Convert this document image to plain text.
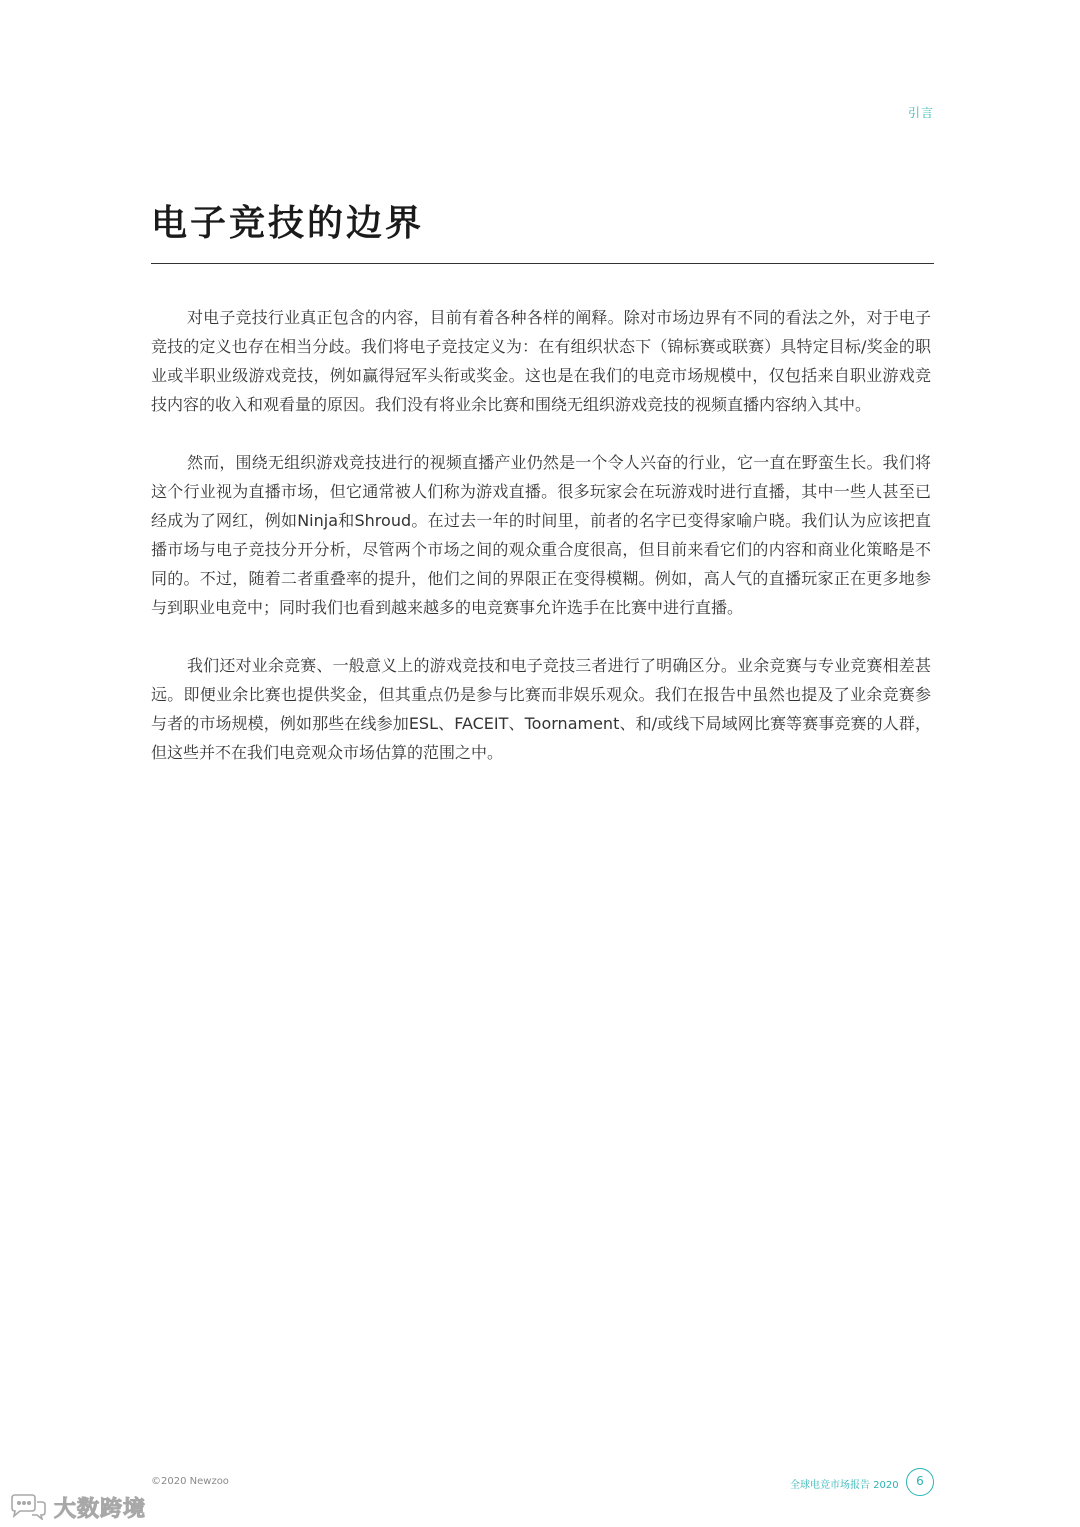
引言
电子竞技的边界

对电子竞技行业真正包含的内容，目前有着各种各样的阐释。除对市场边界有不同的看法之外，对于电子竞技的定义也存在相当分歧。我们将电子竞技定义为：在有组织状态下（锦标赛或联赛）具特定目标/奖金的职业或半职业级游戏竞技，例如赢得冠军头衔或奖金。这也是在我们的电竞市场规模中，仅包括来自职业游戏竞技内容的收入和观看量的原因。我们没有将业余比赛和围绕无组织游戏竞技的视频直播内容纳入其中。

然而，围绕无组织游戏竞技进行的视频直播产业仍然是一个令人兴奋的行业，它一直在野蛮生长。我们将这个行业视为直播市场，但它通常被人们称为游戏直播。很多玩家会在玩游戏时进行直播，其中一些人甚至已经成为了网红，例如Ninja和Shroud。在过去一年的时间里，前者的名字已变得家喻户晓。我们认为应该把直播市场与电子竞技分开分析，尽管两个市场之间的观众重合度很高，但目前来看它们的内容和商业化策略是不同的。不过，随着二者重叠率的提升，他们之间的界限正在变得模糊。例如，高人气的直播玩家正在更多地参与到职业电竞中；同时我们也看到越来越多的电竞赛事允许选手在比赛中进行直播。

我们还对业余竞赛、一般意义上的游戏竞技和电子竞技三者进行了明确区分。业余竞赛与专业竞赛相差甚远。即便业余比赛也提供奖金，但其重点仍是参与比赛而非娱乐观众。我们在报告中虽然也提及了业余竞赛参与者的市场规模，例如那些在线参加ESL、FACEIT、Toornament、和/或线下局域网比赛等赛事竞赛的人群，但这些并不在我们电竞观众市场估算的范围之中。

©2020 Newzoo	全球电竞市场报告 2020	6
大数跨境
